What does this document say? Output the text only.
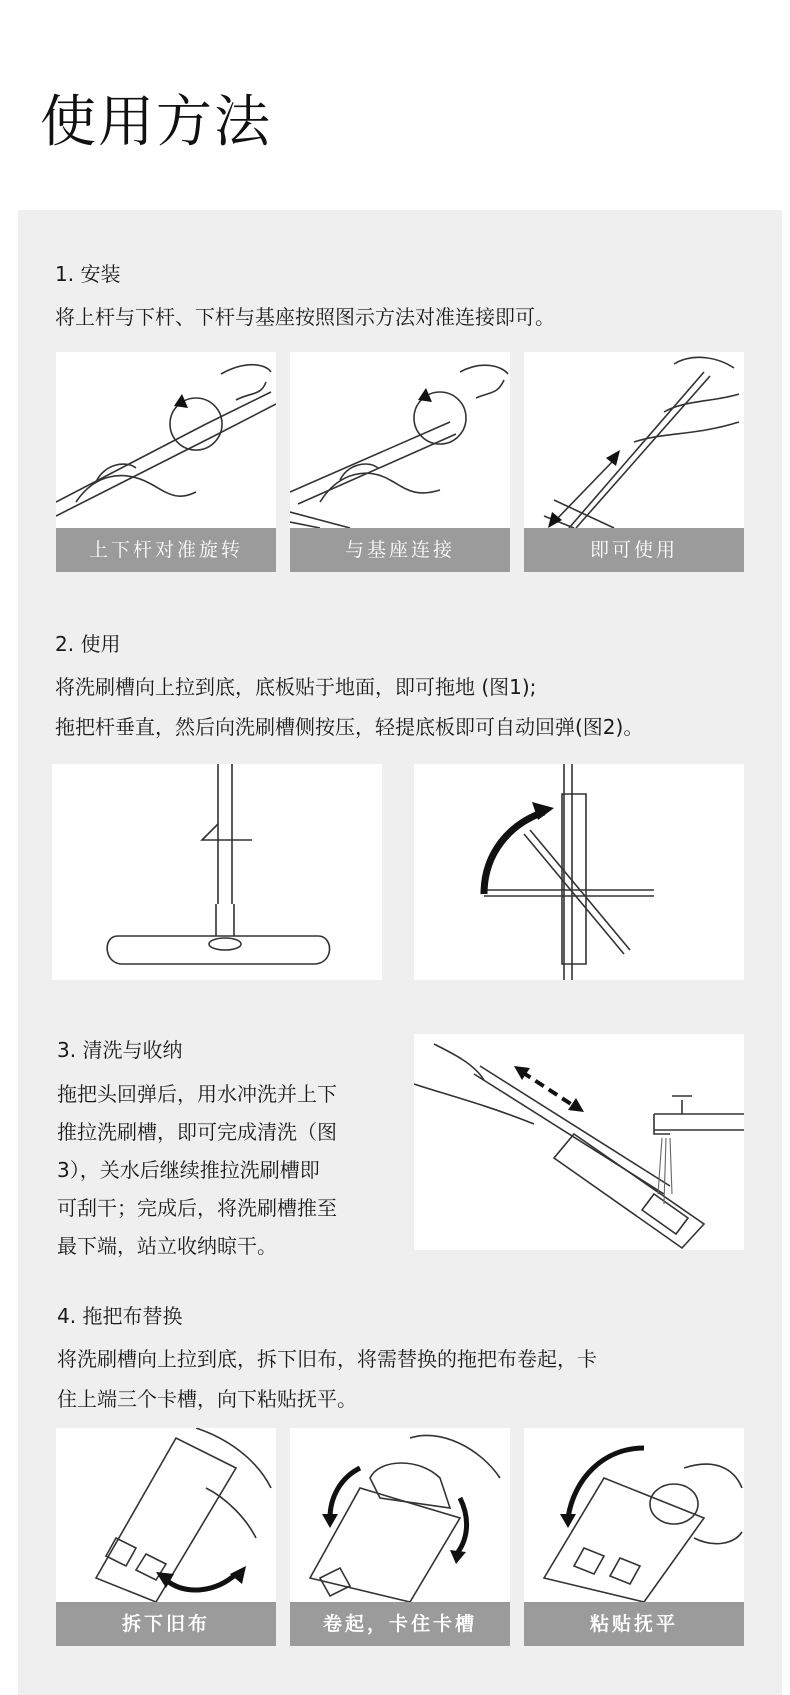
使用方法
1. 安装
将上杆与下杆、下杆与基座按照图示方法对准连接即可。
上下杆对准旋转	与基座连接	即可使用
2. 使用
将洗刷槽向上拉到底，底板贴于地面，即可拖地 (图1);
拖把杆垂直，然后向洗刷槽侧按压，轻提底板即可自动回弹(图2)。
3. 清洗与收纳
拖把头回弹后，用水冲洗并上下
推拉洗刷槽，即可完成清洗（图
3），关水后继续推拉洗刷槽即
可刮干；完成后，将洗刷槽推至
最下端，站立收纳晾干。
4. 拖把布替换
将洗刷槽向上拉到底，拆下旧布，将需替换的拖把布卷起，卡
住上端三个卡槽，向下粘贴抚平。
拆下旧布	卷起，卡住卡槽	粘贴抚平
